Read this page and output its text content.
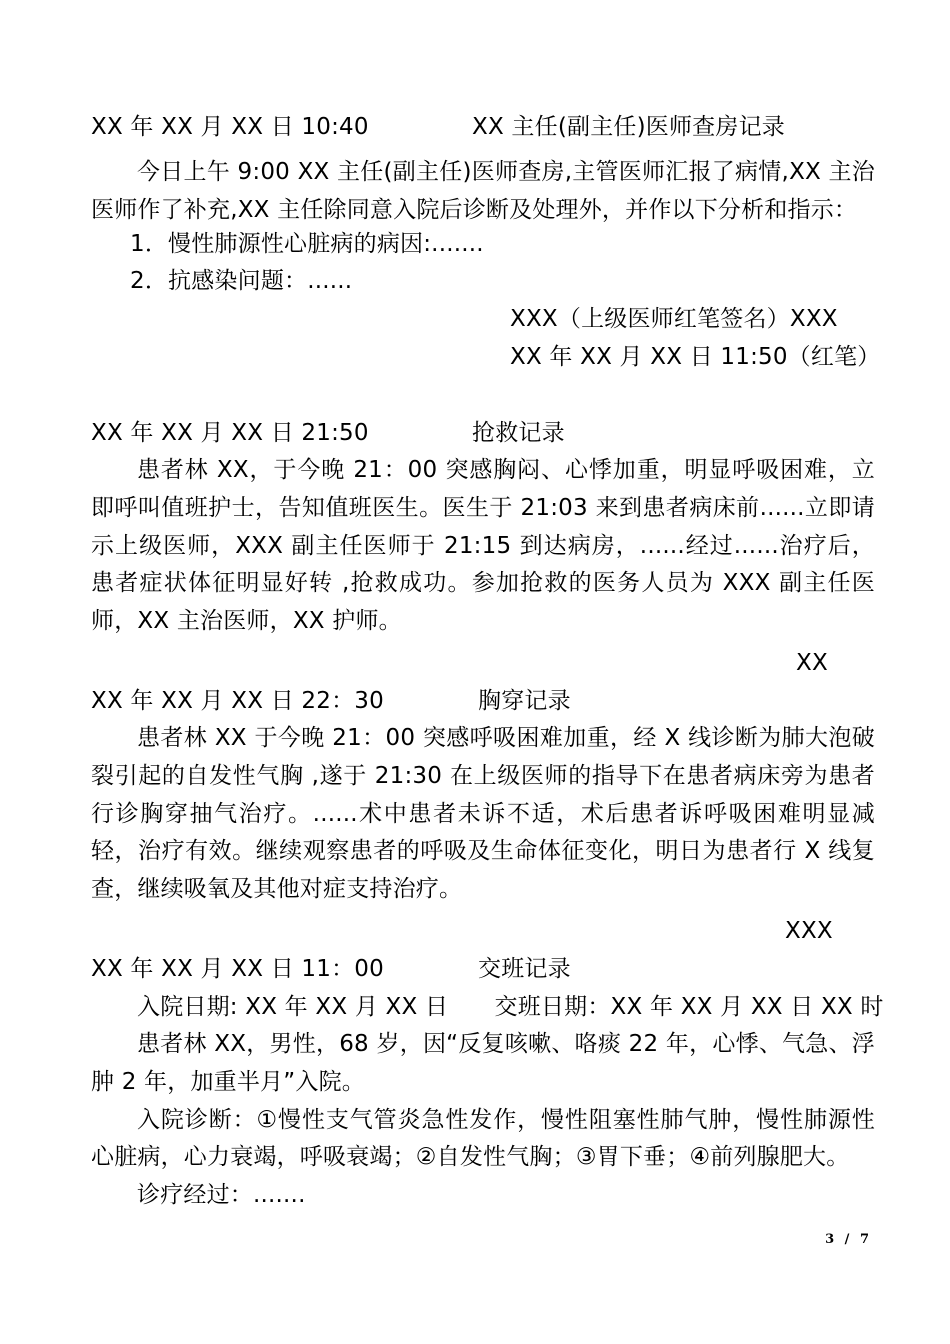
XX 年 XX 月 XX 日 10:40	XX 主任(副主任)医师查房记录

今日上午 9:00 XX 主任(副主任)医师查房,主管医师汇报了病情,XX 主治医师作了补充,XX 主任除同意入院后诊断及处理外，并作以下分析和指示：

1．慢性肺源性心脏病的病因:.......
2．抗感染问题：......
XXX（上级医师红笔签名）XXX
XX 年 XX 月 XX 日 11:50（红笔）
XX 年 XX 月 XX 日 21:50	抢救记录

患者林 XX，于今晚 21：00 突感胸闷、心悸加重，明显呼吸困难，立即呼叫值班护士，告知值班医生。医生于 21:03 来到患者病床前......立即请示上级医师，XXX 副主任医师于 21:15 到达病房，......经过......治疗后，患者症状体征明显好转 ,抢救成功。参加抢救的医务人员为 XXX 副主任医师，XX 主治医师，XX 护师。

XX
XX 年 XX 月 XX 日 22：30	胸穿记录

患者林 XX 于今晚 21：00 突感呼吸困难加重，经 X 线诊断为肺大泡破裂引起的自发性气胸 ,遂于 21:30 在上级医师的指导下在患者病床旁为患者行诊胸穿抽气治疗。......术中患者未诉不适，术后患者诉呼吸困难明显减轻，治疗有效。继续观察患者的呼吸及生命体征变化，明日为患者行 X 线复查，继续吸氧及其他对症支持治疗。

XXX
XX 年 XX 月 XX 日 11：00	交班记录
入院日期: XX 年 XX 月 XX 日　　交班日期：XX 年 XX 月 XX 日 XX 时

患者林 XX，男性，68 岁，因“反复咳嗽、咯痰 22 年，心悸、气急、浮肿 2 年，加重半月”入院。

入院诊断：①慢性支气管炎急性发作，慢性阻塞性肺气肿，慢性肺源性心脏病，心力衰竭，呼吸衰竭；②自发性气胸；③胃下垂；④前列腺肥大。

诊疗经过：.......

3 / 7
